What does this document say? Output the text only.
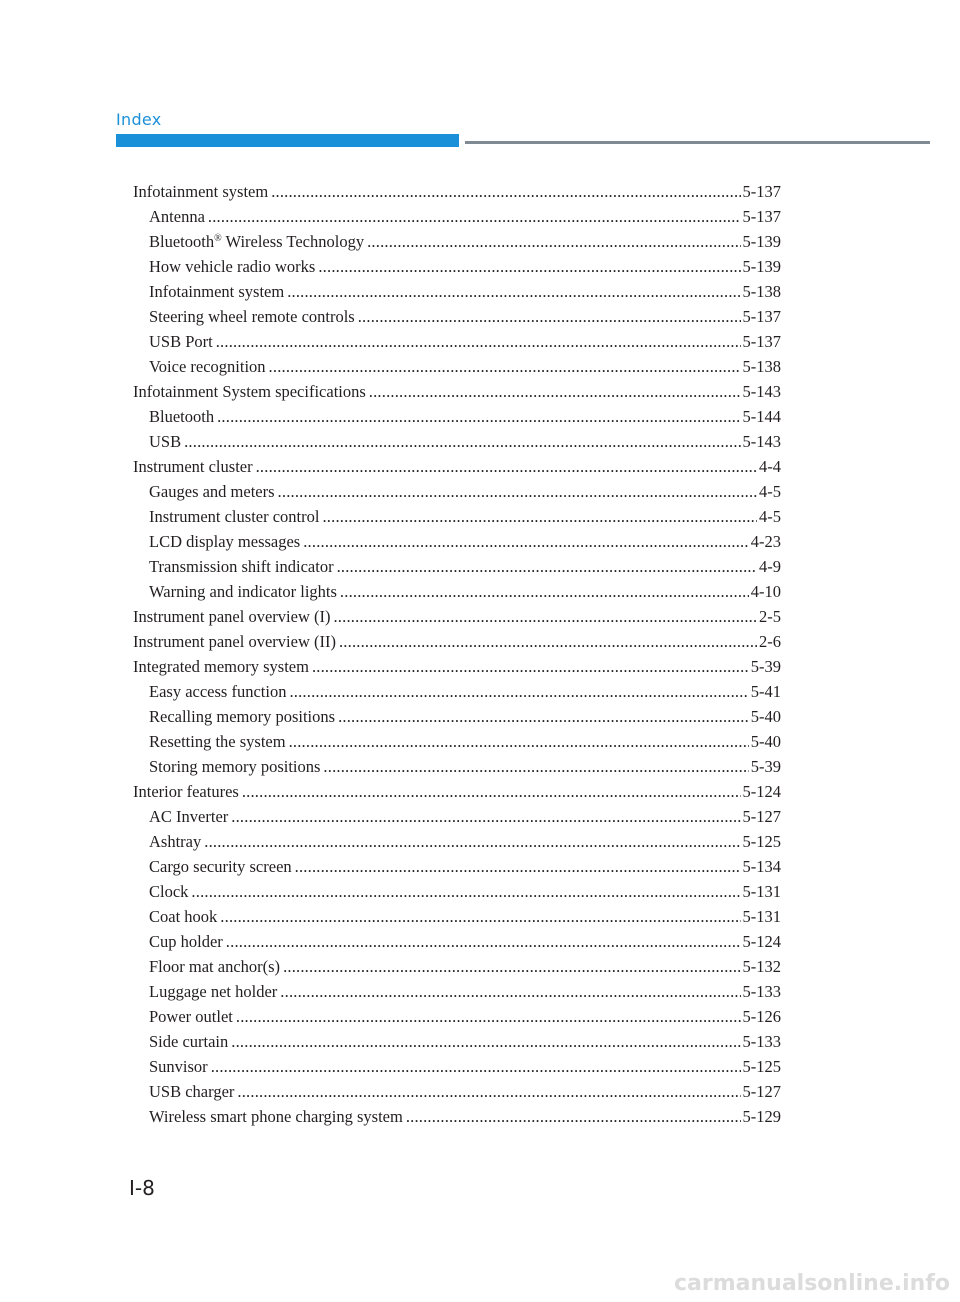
Index
Infotainment system .....	5-137
Antenna .....	5-137
Bluetooth® Wireless Technology .....	5-139
How vehicle radio works .....	5-139
Infotainment system .....	5-138
Steering wheel remote controls .....	5-137
USB Port .....	5-137
Voice recognition .....	5-138
Infotainment System specifications .....	5-143
Bluetooth .....	5-144
USB .....	5-143
Instrument cluster .....	4-4
Gauges and meters .....	4-5
Instrument cluster control .....	4-5
LCD display messages .....	4-23
Transmission shift indicator .....	4-9
Warning and indicator lights .....	4-10
Instrument panel overview (I) .....	2-5
Instrument panel overview (II) .....	2-6
Integrated memory system .....	5-39
Easy access function .....	5-41
Recalling memory positions .....	5-40
Resetting the system .....	5-40
Storing memory positions .....	5-39
Interior features .....	5-124
AC Inverter .....	5-127
Ashtray .....	5-125
Cargo security screen .....	5-134
Clock .....	5-131
Coat hook .....	5-131
Cup holder .....	5-124
Floor mat anchor(s) .....	5-132
Luggage net holder .....	5-133
Power outlet .....	5-126
Side curtain .....	5-133
Sunvisor .....	5-125
USB charger .....	5-127
Wireless smart phone charging system .....	5-129
I-8
carmanualsonline.info
